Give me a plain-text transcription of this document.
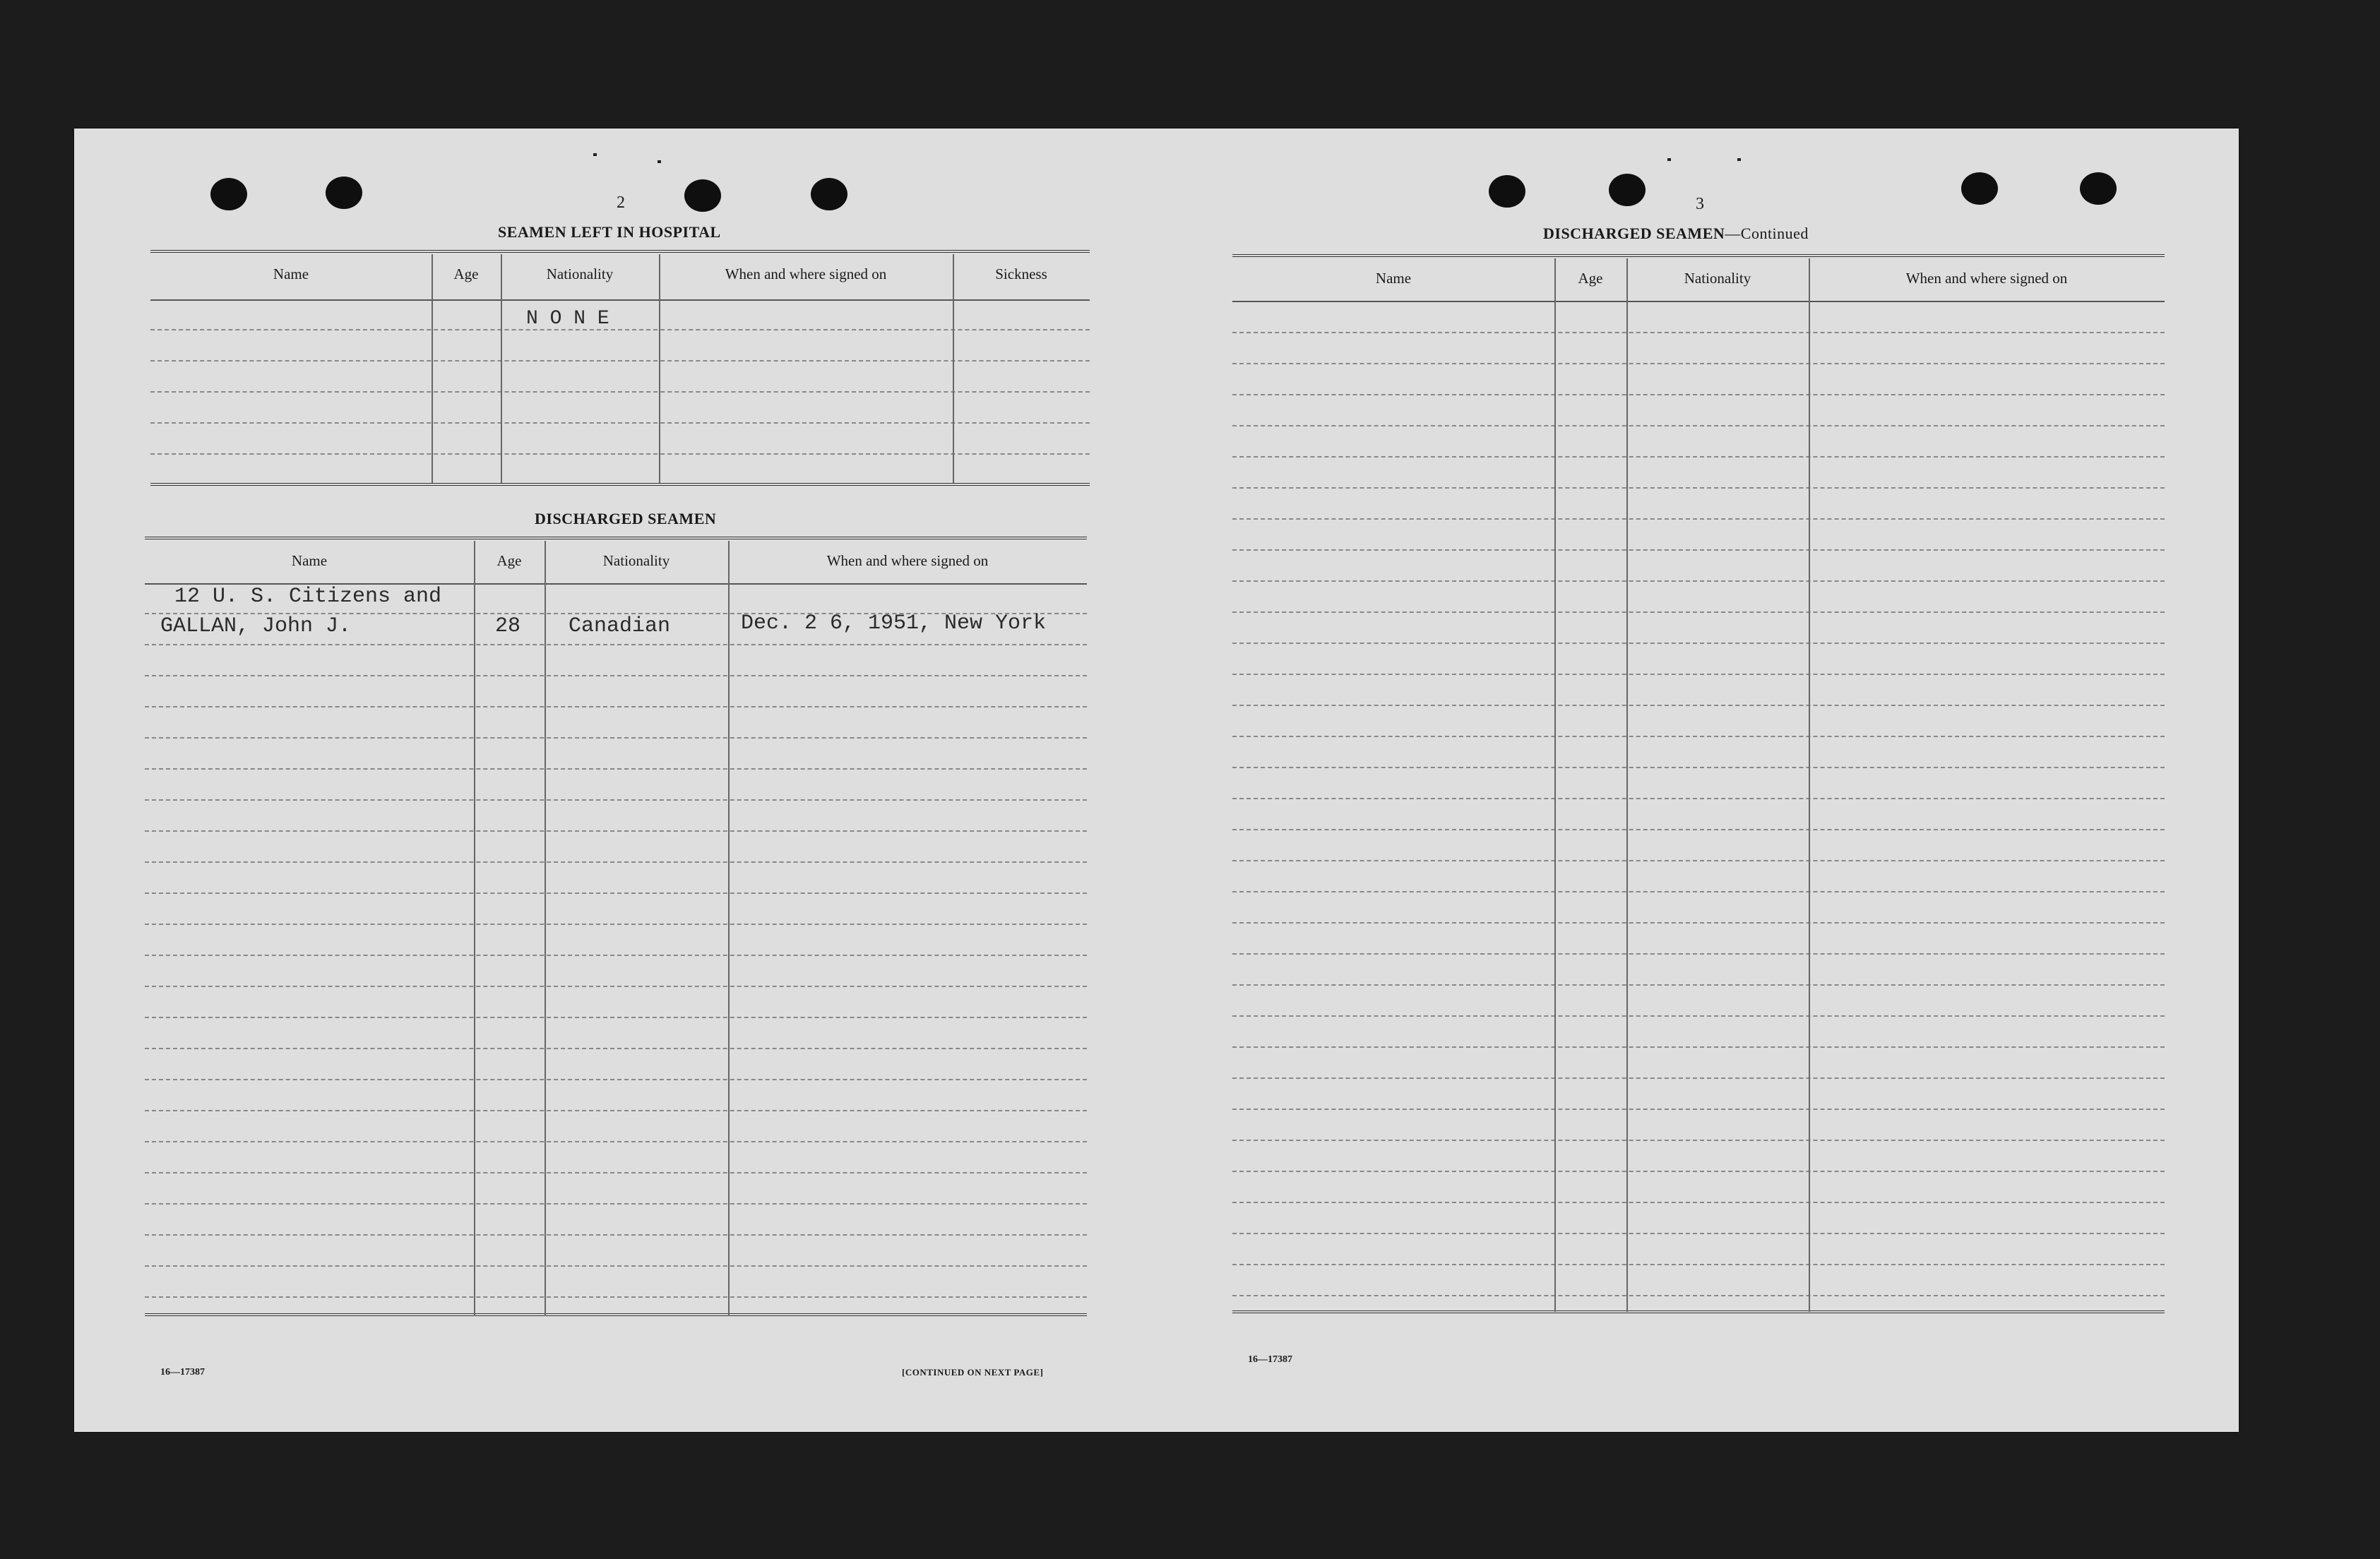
2
SEAMEN LEFT IN HOSPITAL
Name	Age	Nationality	When and where signed on	Sickness
N O N E
DISCHARGED SEAMEN
Name	Age	Nationality	When and where signed on
12 U. S. Citizens and
GALLAN, John J.	28 Canadian	Dec. 2 6, 1951, New York
16—17387	[CONTINUED ON NEXT PAGE]
3
DISCHARGED SEAMEN—Continued
Name	Age	Nationality	When and where signed on
16—17387
